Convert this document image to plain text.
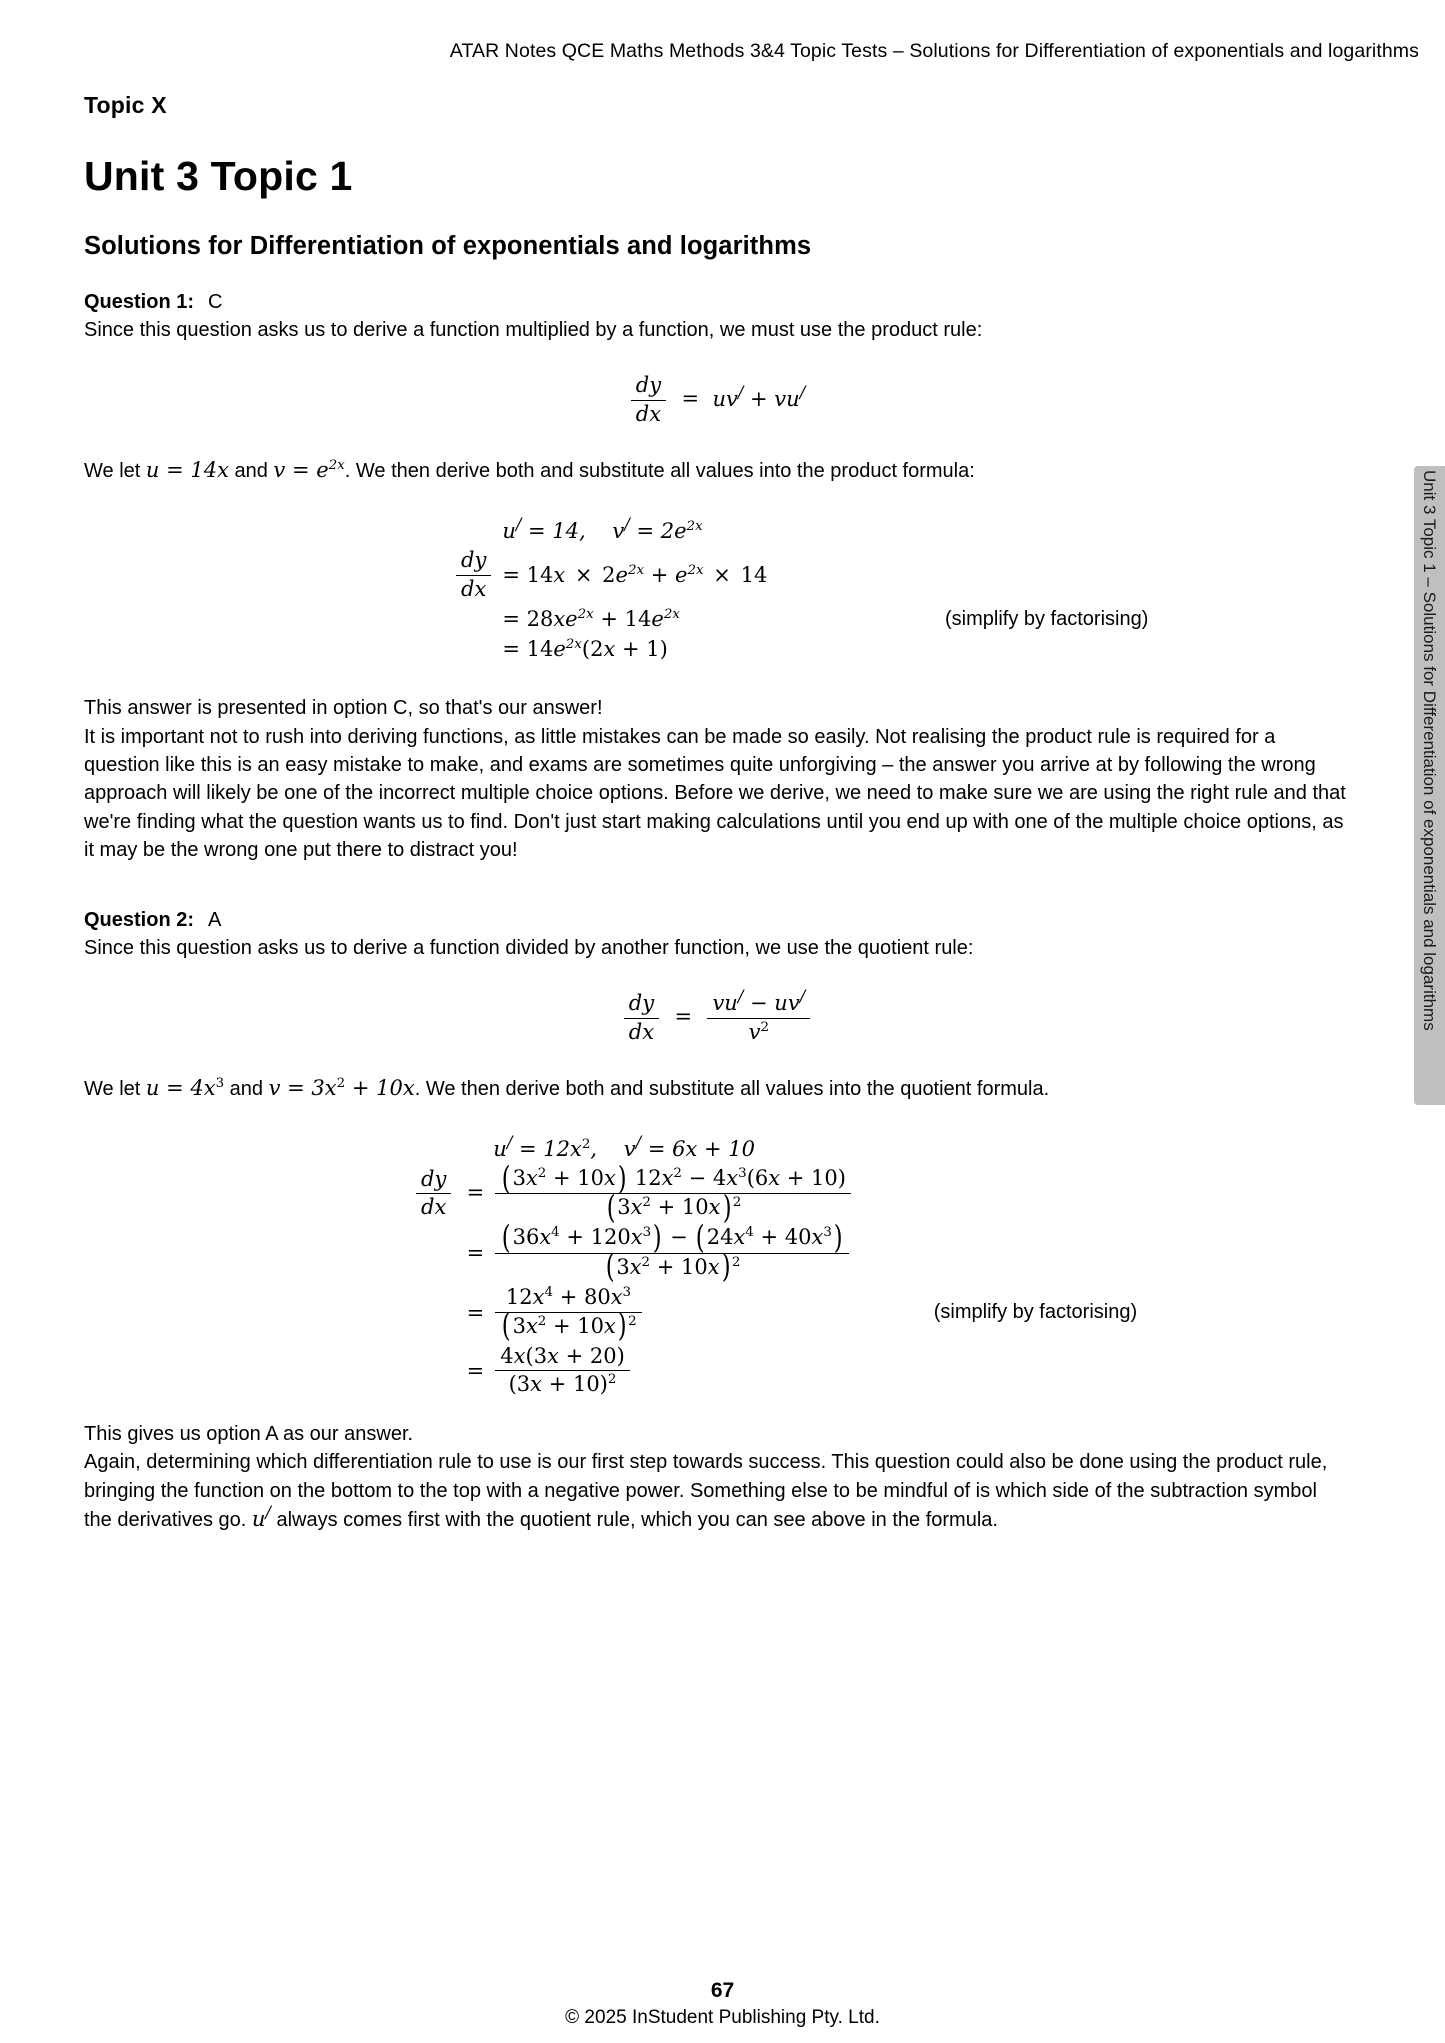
ATAR Notes QCE Maths Methods 3&4 Topic Tests – Solutions for Differentiation of exponentials and logarithms
Unit 3 Topic 1 – Solutions for Differentiation of exponentials and logarithms
Topic X
Unit 3 Topic 1
Solutions for Differentiation of exponentials and logarithms
Question 1: C

Since this question asks us to derive a function multiplied by a function, we must use the product rule:

$\frac{dy}{dx} = uv^/ + vu^/$

We let u = 14x and $v = e^{2x}$. We then derive both and substitute all values into the product formula:

	u/ = 14, $v^/ = 2e^{2x}$

$\frac{dy}{dx}$	= $14x \times 2e^{2x} + e^{2x} \times 14$

= $28xe^{2x} + 14e^{2x}$	(simplify by factorising)

	= $14e^{2x}(2x + 1)$

This answer is presented in option C, so that's our answer!

It is important not to rush into deriving functions, as little mistakes can be made so easily. Not realising the product rule is required for a question like this is an easy mistake to make, and exams are sometimes quite unforgiving – the answer you arrive at by following the wrong approach will likely be one of the incorrect multiple choice options. Before we derive, we need to make sure we are using the right rule and that we're finding what the question wants us to find. Don't just start making calculations until you end up with one of the multiple choice options, as it may be the wrong one put there to distract you!

Question 2: A

Since this question asks us to derive a function divided by another function, we use the quotient rule:

$\frac{dy}{dx} = \frac{vu^/ - uv^/}{v^2}$

We let $u = 4x^3$ and $v = 3x^2 + 10x$. We then derive both and substitute all values into the quotient formula.

	$u^/ = 12x^2$, v/ = 6x + 10

$\frac{dy}{dx}$ =	$\frac{(3x^2 + 10x) 12x^2 - 4x^3(6x + 10)}{(3x^2 + 10x) ^2}$

=	$\frac{(36x^4 + 120x^3) - (24x^4 + 40x^3)}{(3x^2 + 10x) ^2}$

=	$\frac{12x^4 + 80x^3}{(3x^2 + 10x) ^2}$	(simplify by factorising)

=	$\frac{4x(3x + 20)}{(3x + 10)^2}$

This gives us option A as our answer.

Again, determining which differentiation rule to use is our first step towards success. This question could also be done using the product rule, bringing the function on the bottom to the top with a negative power. Something else to be mindful of is which side of the subtraction symbol the derivatives go. u/ always comes first with the quotient rule, which you can see above in the formula.

67
© 2025 InStudent Publishing Pty. Ltd.
